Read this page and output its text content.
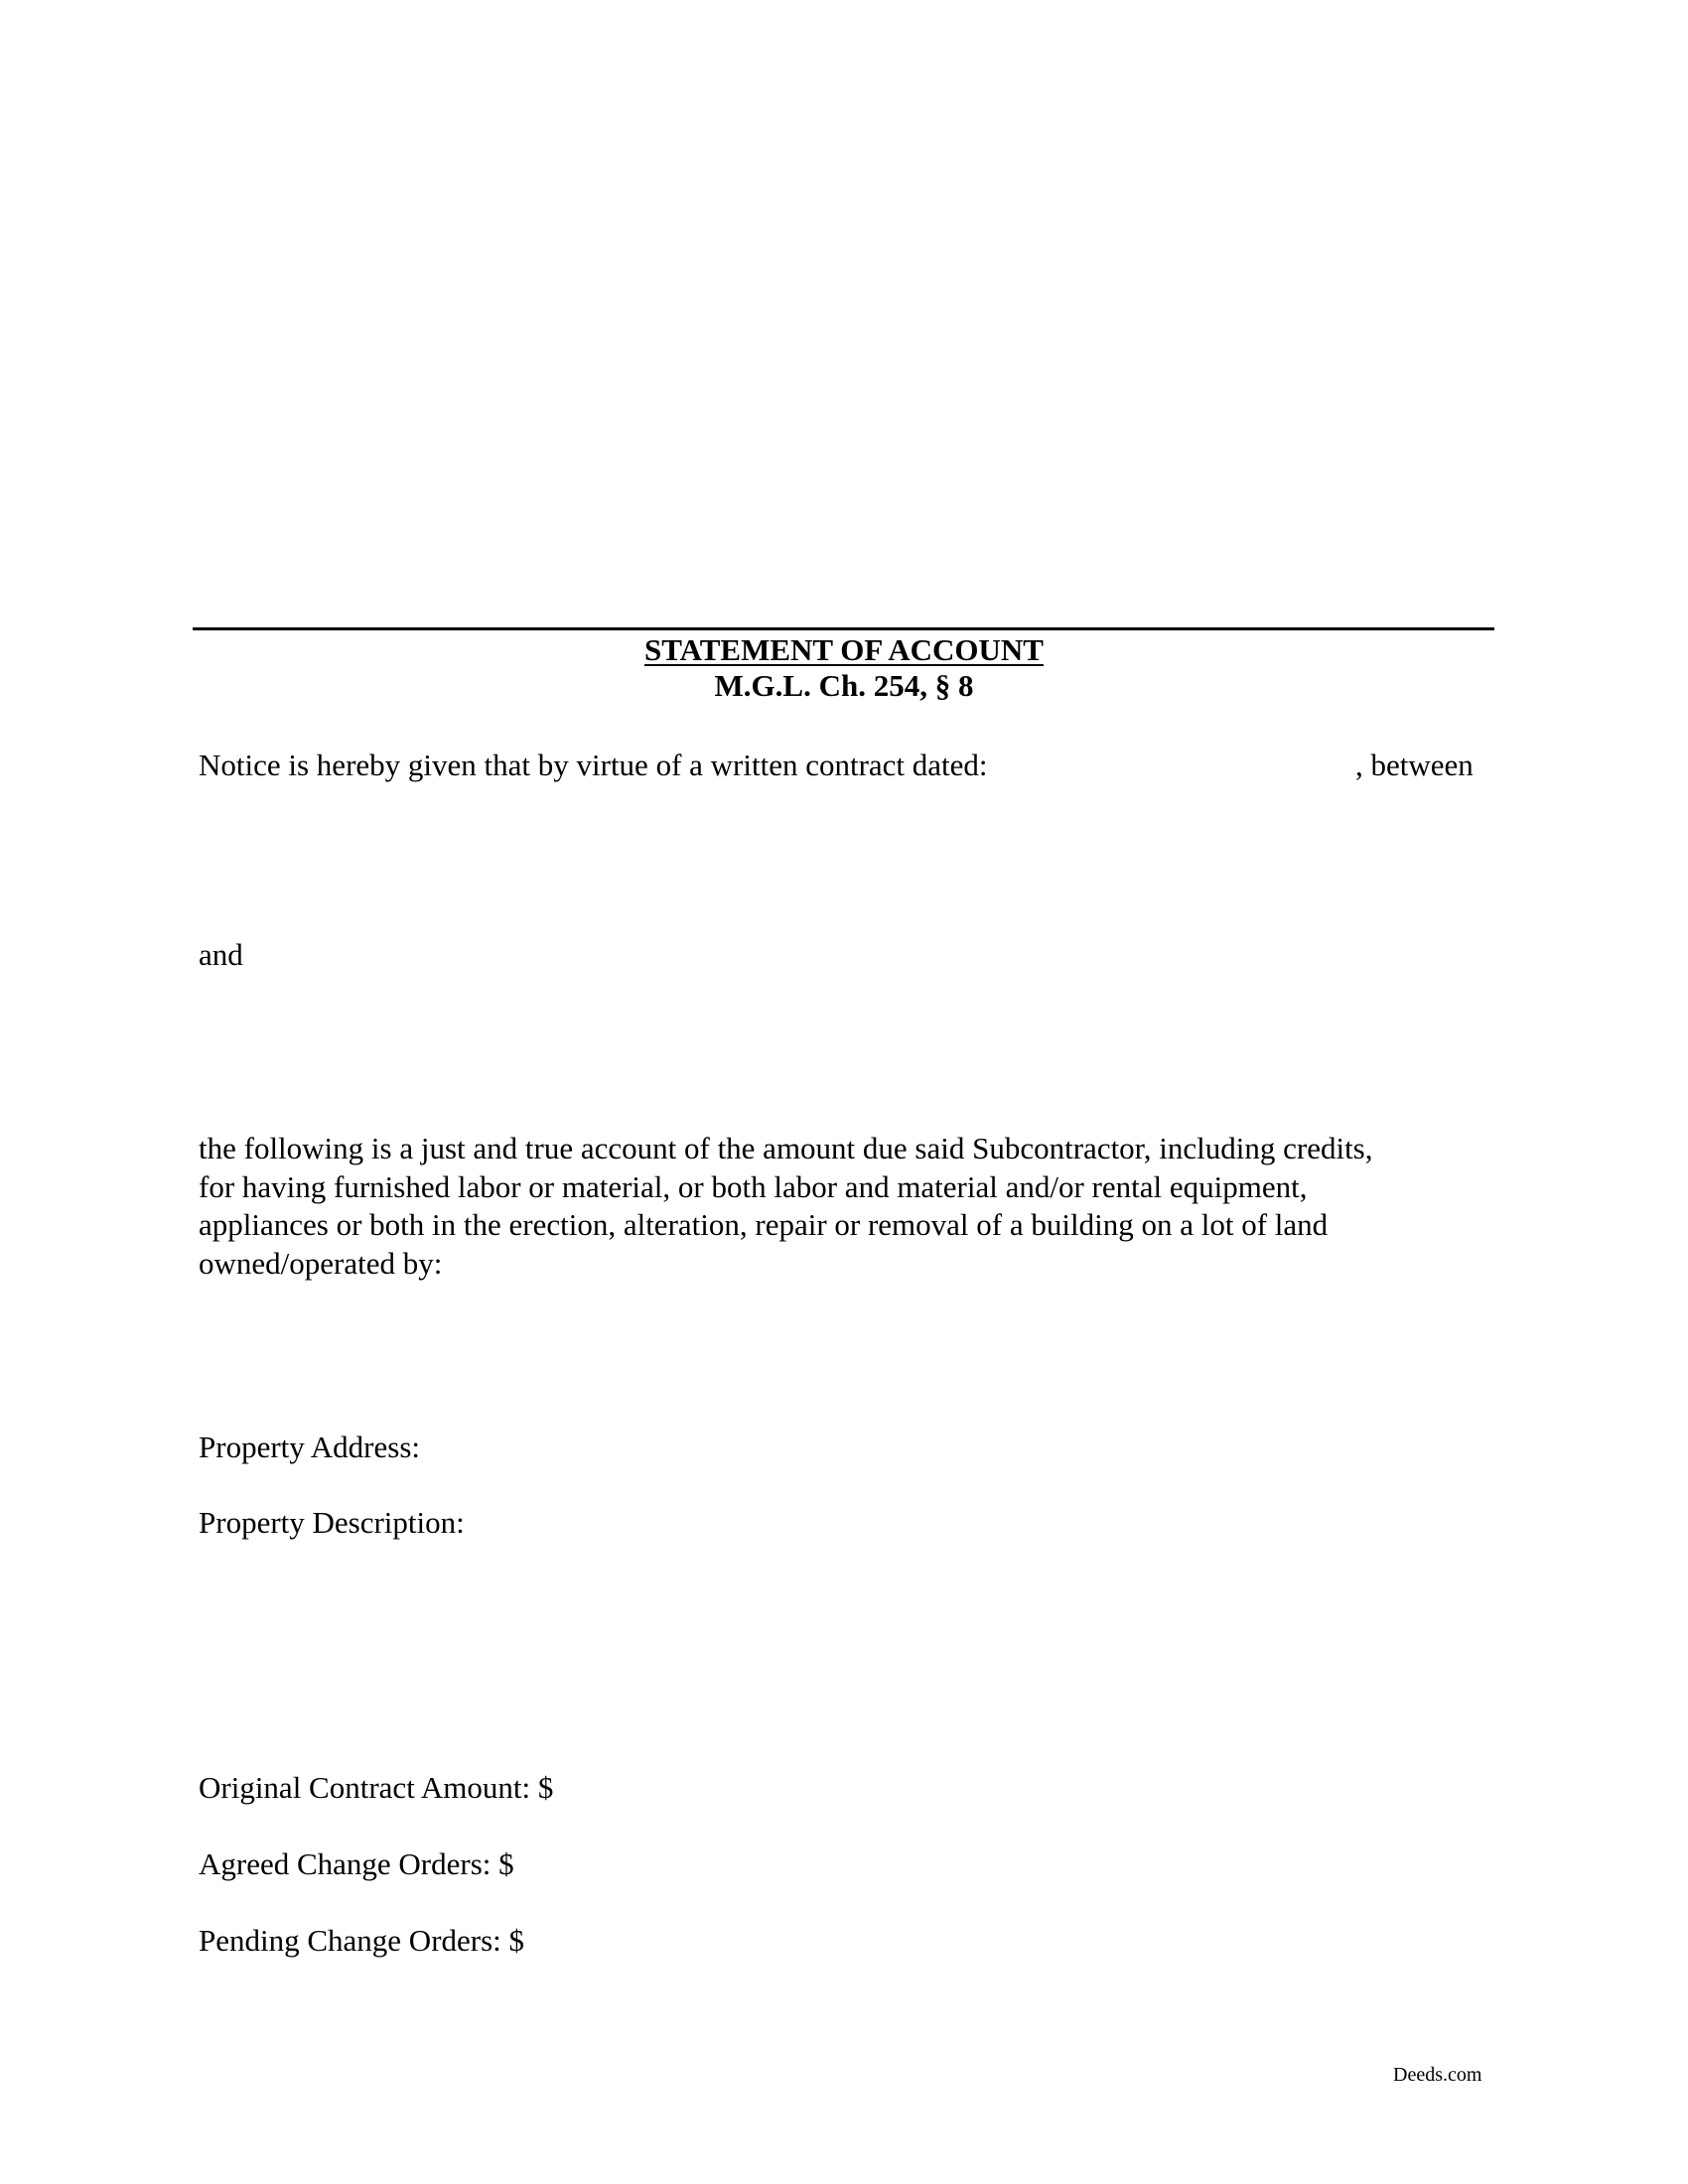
STATEMENT OF ACCOUNT
M.G.L. Ch. 254, § 8
Notice is hereby given that by virtue of a written contract dated:	, between
and
the following is a just and true account of the amount due said Subcontractor, including credits,
for having furnished labor or material, or both labor and material and/or rental equipment,
appliances or both in the erection, alteration, repair or removal of a building on a lot of land
owned/operated by:
Property Address:
Property Description:
Original Contract Amount: $
Agreed Change Orders: $
Pending Change Orders: $
Deeds.com
